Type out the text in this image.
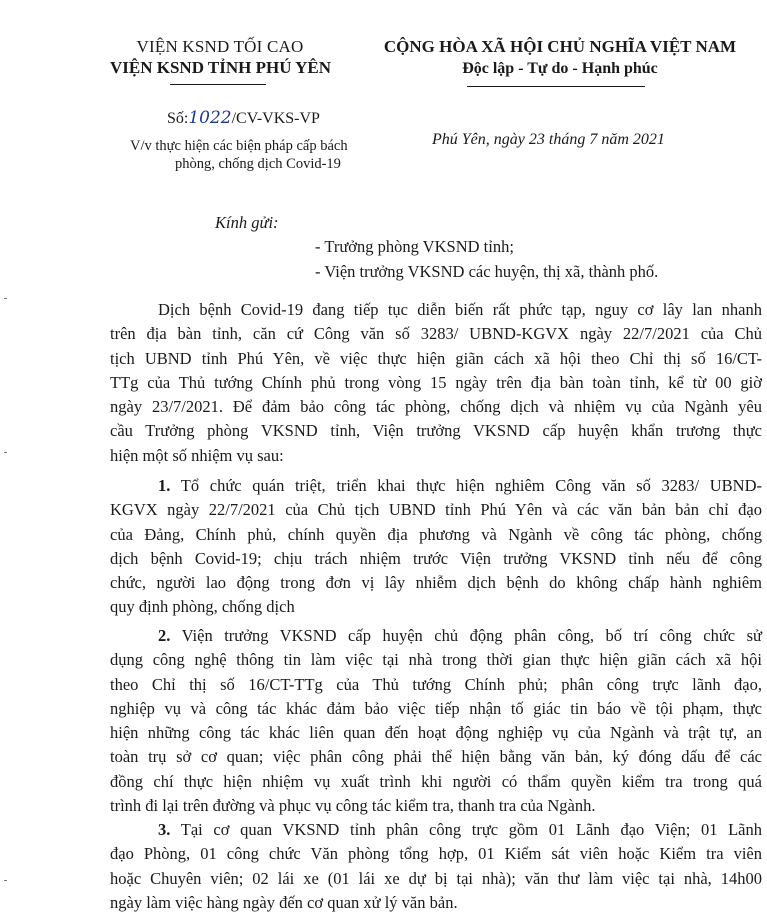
VIỆN KSND TỐI CAO
VIỆN KSND TỈNH PHÚ YÊN
CỘNG HÒA XÃ HỘI CHỦ NGHĨA VIỆT NAM
Độc lập - Tự do - Hạnh phúc
Số:1022/CV-VKS-VP
V/v thực hiện các biện pháp cấp bách
phòng, chống dịch Covid-19
Phú Yên, ngày 23 tháng 7 năm 2021
Kính gửi:
- Trưởng phòng VKSND tỉnh;
- Viện trưởng VKSND các huyện, thị xã, thành phố.
Dịch bệnh Covid-19 đang tiếp tục diễn biến rất phức tạp, nguy cơ lây lan nhanh
trên địa bàn tỉnh, căn cứ Công văn số 3283/ UBND-KGVX ngày 22/7/2021 của Chủ
tịch UBND tỉnh Phú Yên, về việc thực hiện giãn cách xã hội theo Chỉ thị số 16/CT-
TTg của Thủ tướng Chính phủ trong vòng 15 ngày trên địa bàn toàn tỉnh, kể từ 00 giờ
ngày 23/7/2021. Để đảm bảo công tác phòng, chống dịch và nhiệm vụ của Ngành yêu
cầu Trưởng phòng VKSND tỉnh, Viện trưởng VKSND cấp huyện khẩn trương thực
hiện một số nhiệm vụ sau:
1. Tổ chức quán triệt, triển khai thực hiện nghiêm Công văn số 3283/ UBND-
KGVX ngày 22/7/2021 của Chủ tịch UBND tỉnh Phú Yên và các văn bản bản chỉ đạo
của Đảng, Chính phủ, chính quyền địa phương và Ngành về công tác phòng, chống
dịch bệnh Covid-19; chịu trách nhiệm trước Viện trưởng VKSND tỉnh nếu để công
chức, người lao động trong đơn vị lây nhiễm dịch bệnh do không chấp hành nghiêm
quy định phòng, chống dịch
2. Viện trưởng VKSND cấp huyện chủ động phân công, bố trí công chức sử
dụng công nghệ thông tin làm việc tại nhà trong thời gian thực hiện giãn cách xã hội
theo Chỉ thị số 16/CT-TTg của Thủ tướng Chính phủ; phân công trực lãnh đạo,
nghiệp vụ và công tác khác đảm bảo việc tiếp nhận tố giác tin báo về tội phạm, thực
hiện những công tác khác liên quan đến hoạt động nghiệp vụ của Ngành và trật tự, an
toàn trụ sở cơ quan; việc phân công phải thể hiện bằng văn bản, ký đóng dấu để các
đồng chí thực hiện nhiệm vụ xuất trình khi người có thẩm quyền kiểm tra trong quá
trình đi lại trên đường và phục vụ công tác kiểm tra, thanh tra của Ngành.
3. Tại cơ quan VKSND tỉnh phân công trực gồm 01 Lãnh đạo Viện; 01 Lãnh
đạo Phòng, 01 công chức Văn phòng tổng hợp, 01 Kiểm sát viên hoặc Kiểm tra viên
hoặc Chuyên viên; 02 lái xe (01 lái xe dự bị tại nhà); văn thư làm việc tại nhà, 14h00
ngày làm việc hàng ngày đến cơ quan xử lý văn bản.
